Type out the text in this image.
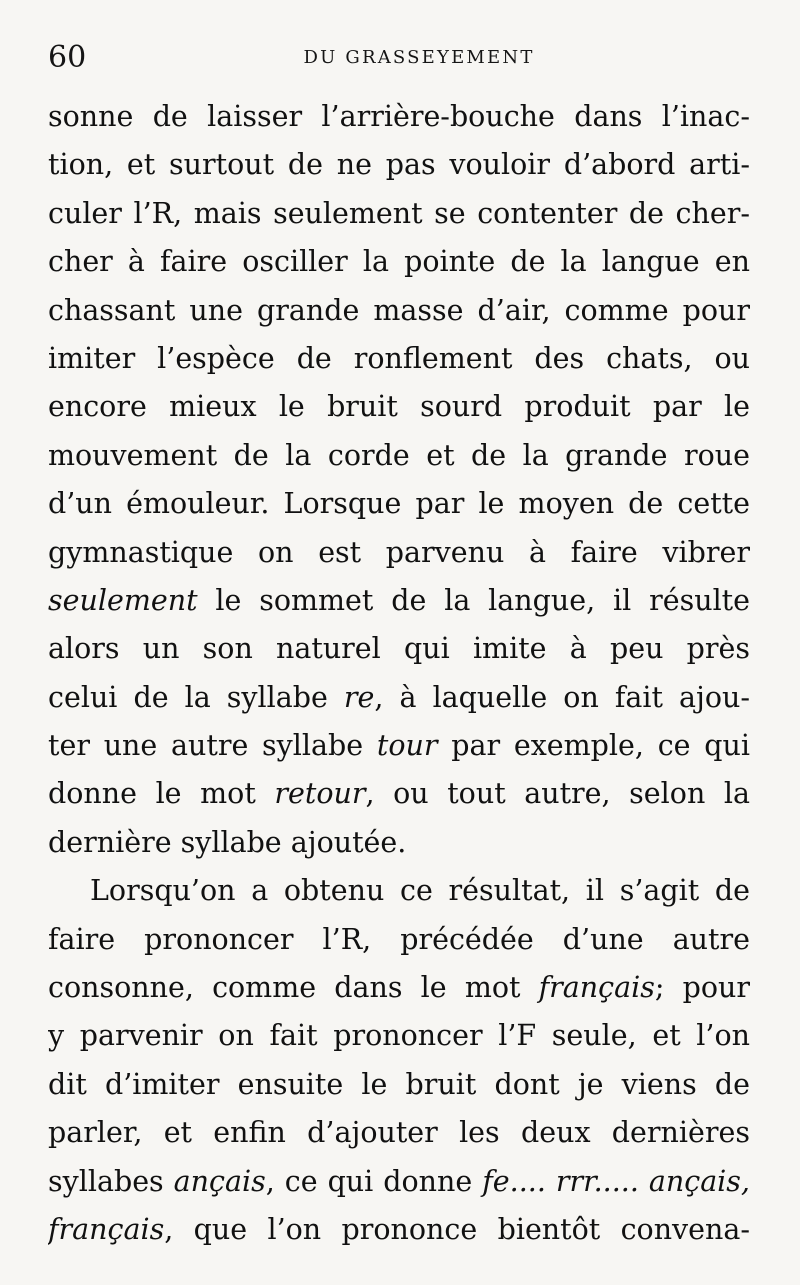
60	DU GRASSEYEMENT
sonne de laisser l’arrière-bouche dans l’inac-
tion, et surtout de ne pas vouloir d’abord arti-
culer l’R, mais seulement se contenter de cher-
cher à faire osciller la pointe de la langue en
chassant une grande masse d’air, comme pour
imiter l’espèce de ronflement des chats, ou
encore mieux le bruit sourd produit par le
mouvement de la corde et de la grande roue
d’un émouleur. Lorsque par le moyen de cette
gymnastique on est parvenu à faire vibrer
seulement le sommet de la langue, il résulte
alors un son naturel qui imite à peu près
celui de la syllabe re, à laquelle on fait ajou-
ter une autre syllabe tour par exemple, ce qui
donne le mot retour, ou tout autre, selon la
dernière syllabe ajoutée.
Lorsqu’on a obtenu ce résultat, il s’agit de
faire prononcer l’R, précédée d’une autre
consonne, comme dans le mot français; pour
y parvenir on fait prononcer l’F seule, et l’on
dit d’imiter ensuite le bruit dont je viens de
parler, et enfin d’ajouter les deux dernières
syllabes ançais, ce qui donne fe.... rrr..... ançais,
français, que l’on prononce bientôt convena-
